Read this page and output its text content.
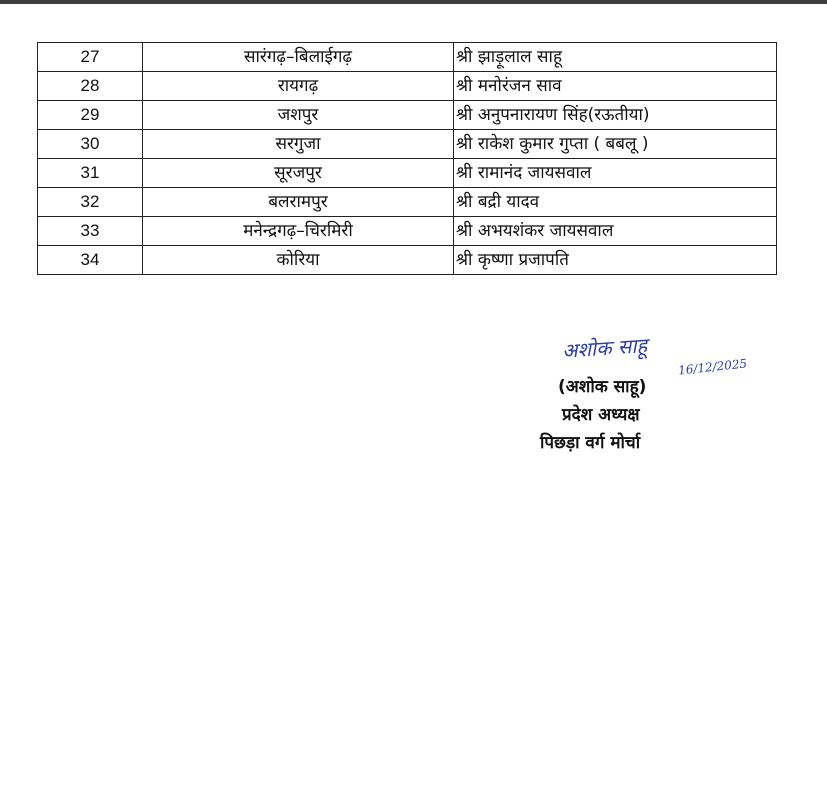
27	सारंगढ़–बिलाईगढ़	श्री झाड़ूलाल साहू
28	रायगढ़	श्री मनोरंजन साव
29	जशपुर	श्री अनुपनारायण सिंह(रऊतीया)
30	सरगुजा	श्री राकेश कुमार गुप्ता ( बबलू )
31	सूरजपुर	श्री रामानंद जायसवाल
32	बलरामपुर	श्री बद्री यादव
33	मनेन्द्रगढ़–चिरमिरी	श्री अभयशंकर जायसवाल
34	कोरिया	श्री कृष्णा प्रजापति
अशोक साहू
16/12/2025
(अशोक साहू)
प्रदेश अध्यक्ष
पिछड़ा वर्ग मोर्चा
